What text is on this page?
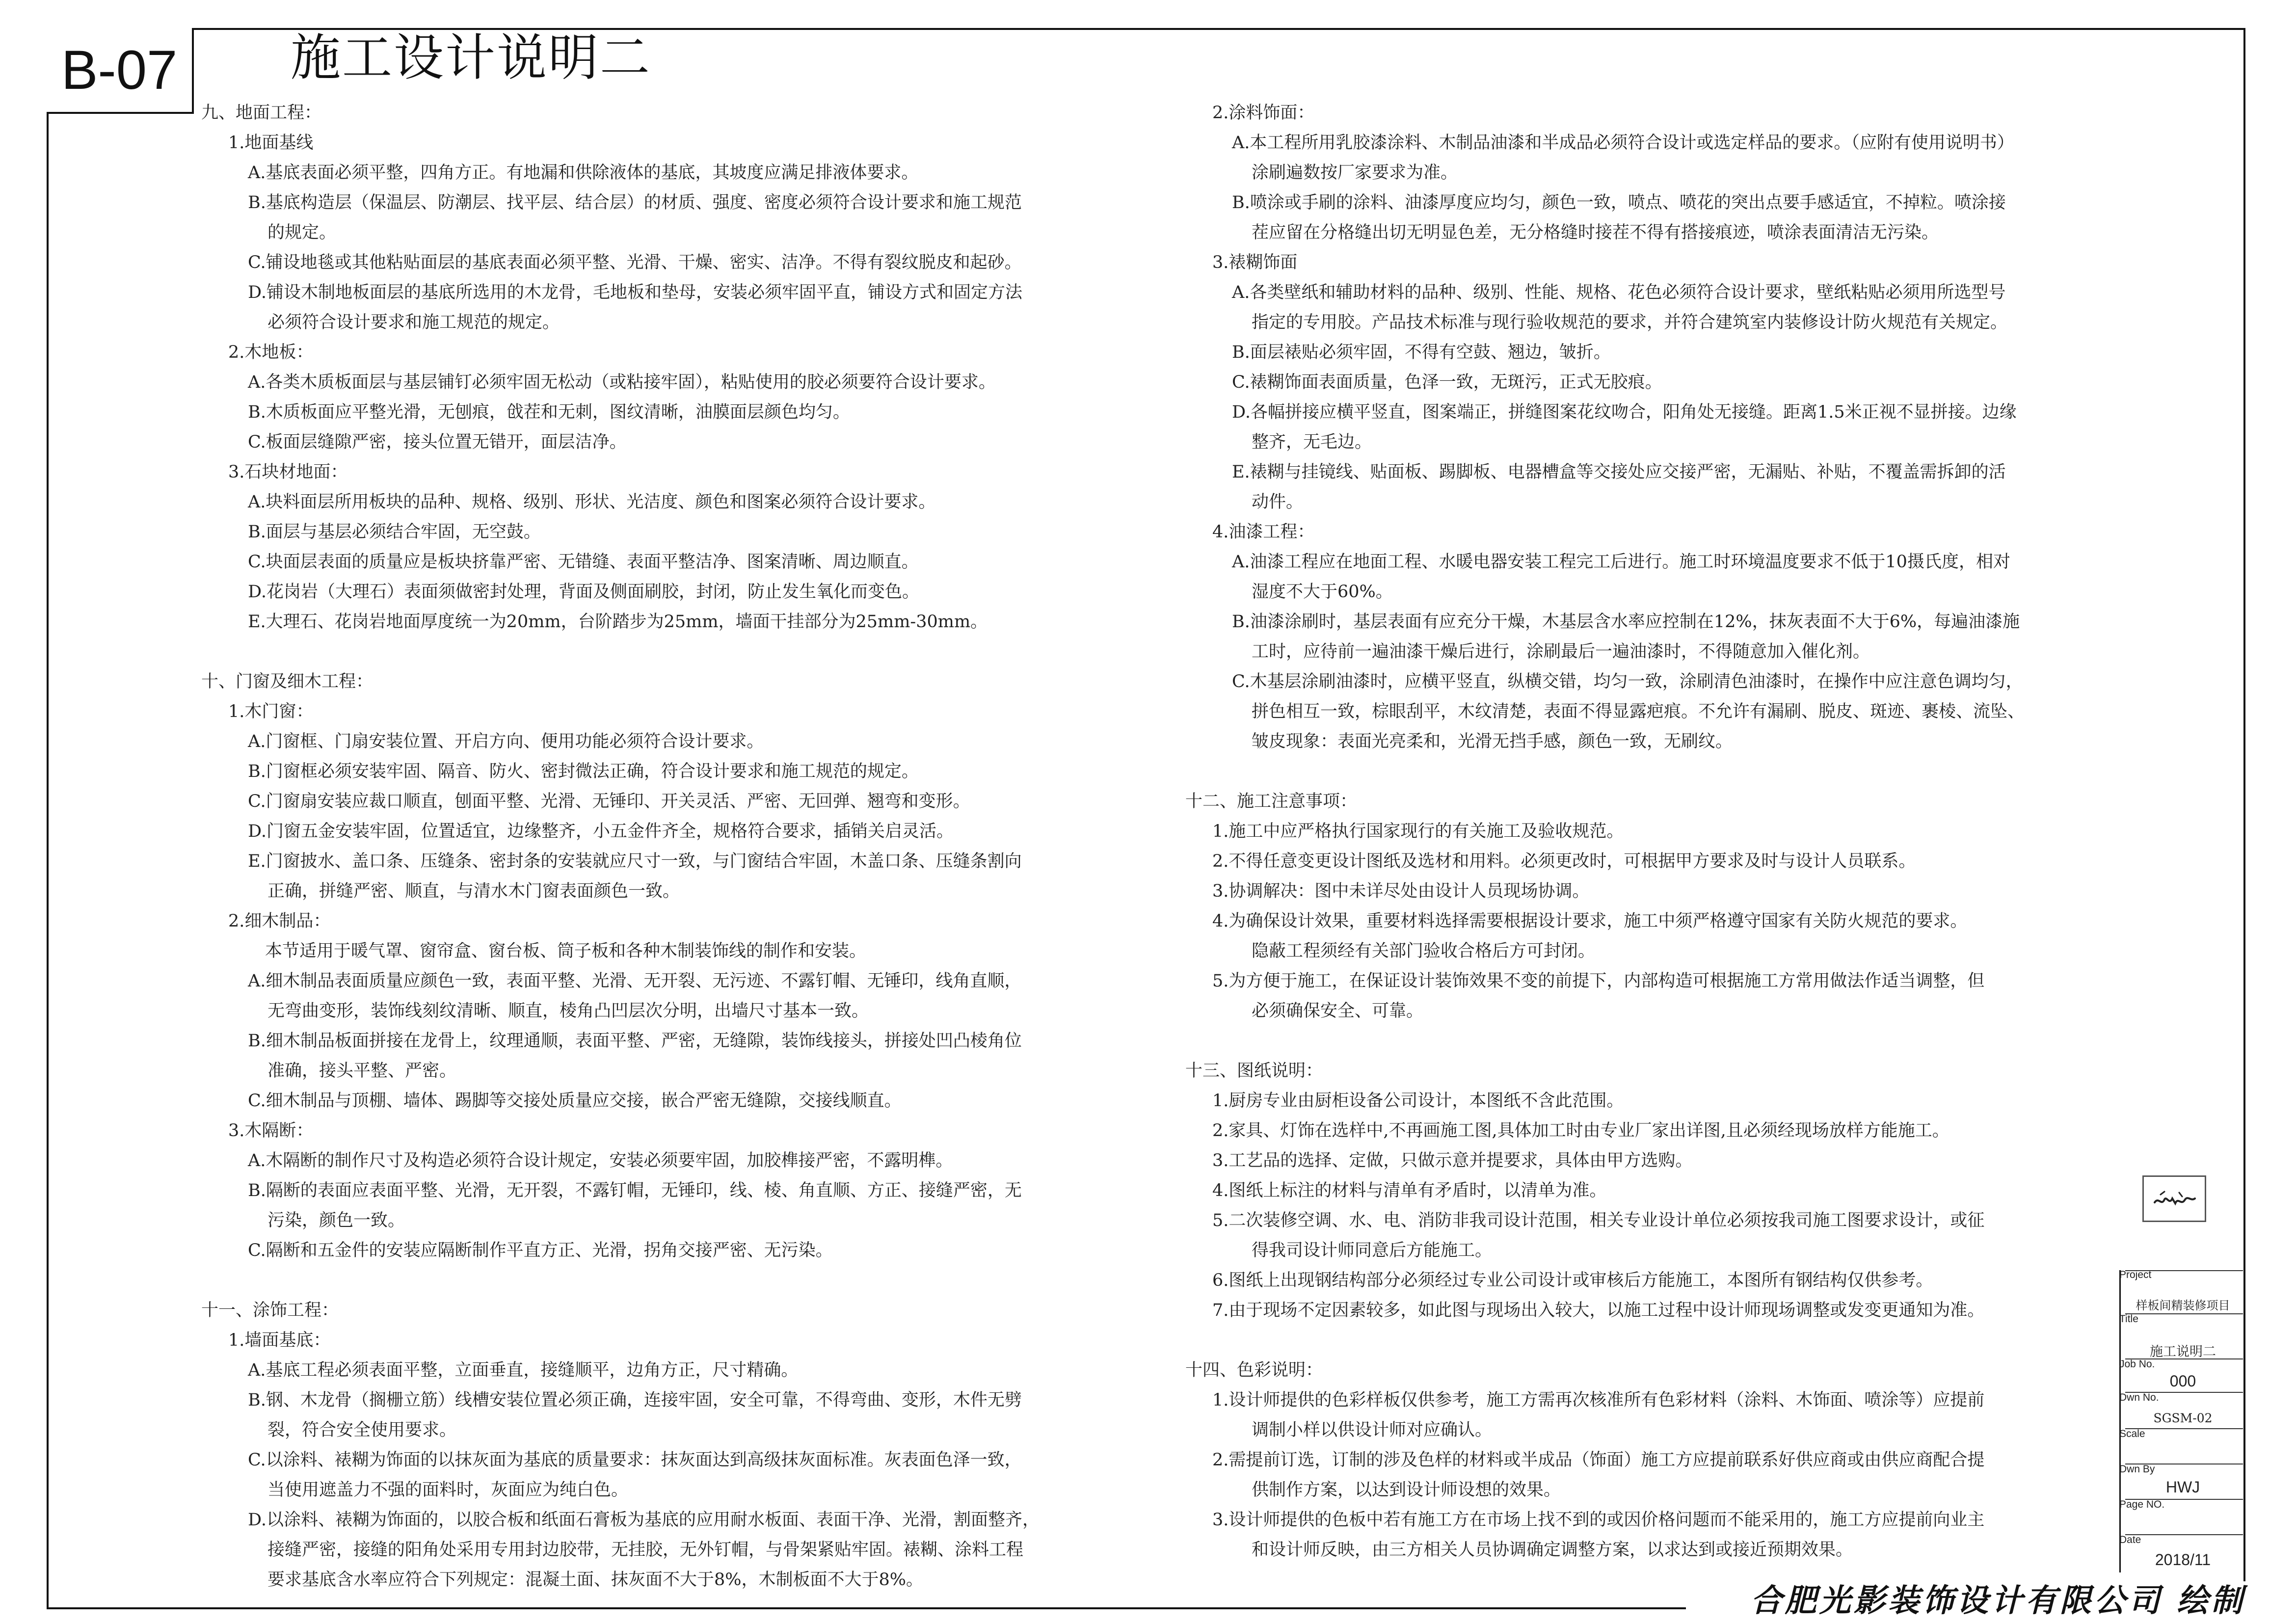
B-07	施工设计说明二
九、地面工程：
1.地面基线
A.基底表面必须平整，四角方正。有地漏和供除液体的基底，其坡度应满足排液体要求。
B.基底构造层（保温层、防潮层、找平层、结合层）的材质、强度、密度必须符合设计要求和施工规范
的规定。
C.铺设地毯或其他粘贴面层的基底表面必须平整、光滑、干燥、密实、洁净。不得有裂纹脱皮和起砂。
D.铺设木制地板面层的基底所选用的木龙骨，毛地板和垫母，安装必须牢固平直，铺设方式和固定方法
必须符合设计要求和施工规范的规定。
2.木地板：
A.各类木质板面层与基层铺钉必须牢固无松动（或粘接牢固），粘贴使用的胶必须要符合设计要求。
B.木质板面应平整光滑，无刨痕，戗茬和无刺，图纹清晰，油膜面层颜色均匀。
C.板面层缝隙严密，接头位置无错开，面层洁净。
3.石块材地面：
A.块料面层所用板块的品种、规格、级别、形状、光洁度、颜色和图案必须符合设计要求。
B.面层与基层必须结合牢固，无空鼓。
C.块面层表面的质量应是板块挤靠严密、无错缝、表面平整洁净、图案清晰、周边顺直。
D.花岗岩（大理石）表面须做密封处理，背面及侧面刷胶，封闭，防止发生氧化而变色。
E.大理石、花岗岩地面厚度统一为20mm，台阶踏步为25mm，墙面干挂部分为25mm-30mm。
十、门窗及细木工程：
1.木门窗：
A.门窗框、门扇安装位置、开启方向、便用功能必须符合设计要求。
B.门窗框必须安装牢固、隔音、防火、密封微法正确，符合设计要求和施工规范的规定。
C.门窗扇安装应裁口顺直，刨面平整、光滑、无锤印、开关灵活、严密、无回弹、翘弯和变形。
D.门窗五金安装牢固，位置适宜，边缘整齐，小五金件齐全，规格符合要求，插销关启灵活。
E.门窗披水、盖口条、压缝条、密封条的安装就应尺寸一致，与门窗结合牢固，木盖口条、压缝条割向
正确，拼缝严密、顺直，与清水木门窗表面颜色一致。
2.细木制品：
本节适用于暖气罩、窗帘盒、窗台板、筒子板和各种木制装饰线的制作和安装。
A.细木制品表面质量应颜色一致，表面平整、光滑、无开裂、无污迹、不露钉帽、无锤印，线角直顺，
无弯曲变形，装饰线刻纹清晰、顺直，棱角凸凹层次分明，出墙尺寸基本一致。
B.细木制品板面拼接在龙骨上，纹理通顺，表面平整、严密，无缝隙，装饰线接头，拼接处凹凸棱角位
准确，接头平整、严密。
C.细木制品与顶棚、墙体、踢脚等交接处质量应交接，嵌合严密无缝隙，交接线顺直。
3.木隔断：
A.木隔断的制作尺寸及构造必须符合设计规定，安装必须要牢固，加胶榫接严密，不露明榫。
B.隔断的表面应表面平整、光滑，无开裂，不露钉帽，无锤印，线、棱、角直顺、方正、接缝严密，无
污染，颜色一致。
C.隔断和五金件的安装应隔断制作平直方正、光滑，拐角交接严密、无污染。
十一、涂饰工程：
1.墙面基底：
A.基底工程必须表面平整，立面垂直，接缝顺平，边角方正，尺寸精确。
B.钢、木龙骨（搁栅立筋）线槽安装位置必须正确，连接牢固，安全可靠，不得弯曲、变形，木件无劈
裂，符合安全使用要求。
C.以涂料、裱糊为饰面的以抹灰面为基底的质量要求：抹灰面达到高级抹灰面标准。灰表面色泽一致，
当使用遮盖力不强的面料时，灰面应为纯白色。
D.以涂料、裱糊为饰面的，以胶合板和纸面石膏板为基底的应用耐水板面、表面干净、光滑，割面整齐，
接缝严密，接缝的阳角处采用专用封边胶带，无挂胶，无外钉帽，与骨架紧贴牢固。裱糊、涂料工程
要求基底含水率应符合下列规定：混凝土面、抹灰面不大于8%，木制板面不大于8%。
2.涂料饰面：
A.本工程所用乳胶漆涂料、木制品油漆和半成品必须符合设计或选定样品的要求。（应附有使用说明书）
涂刷遍数按厂家要求为准。
B.喷涂或手刷的涂料、油漆厚度应均匀，颜色一致，喷点、喷花的突出点要手感适宜，不掉粒。喷涂接
茬应留在分格缝出切无明显色差，无分格缝时接茬不得有搭接痕迹，喷涂表面清洁无污染。
3.裱糊饰面
A.各类壁纸和辅助材料的品种、级别、性能、规格、花色必须符合设计要求，壁纸粘贴必须用所选型号
指定的专用胶。产品技术标准与现行验收规范的要求，并符合建筑室内装修设计防火规范有关规定。
B.面层裱贴必须牢固，不得有空鼓、翘边，皱折。
C.裱糊饰面表面质量，色泽一致，无斑污，正式无胶痕。
D.各幅拼接应横平竖直，图案端正，拼缝图案花纹吻合，阳角处无接缝。距离1.5米正视不显拼接。边缘
整齐，无毛边。
E.裱糊与挂镜线、贴面板、踢脚板、电器槽盒等交接处应交接严密，无漏贴、补贴，不覆盖需拆卸的活
动件。
4.油漆工程：
A.油漆工程应在地面工程、水暖电器安装工程完工后进行。施工时环境温度要求不低于10摄氏度，相对
湿度不大于60%。
B.油漆涂刷时，基层表面有应充分干燥，木基层含水率应控制在12%，抹灰表面不大于6%，每遍油漆施
工时，应待前一遍油漆干燥后进行，涂刷最后一遍油漆时，不得随意加入催化剂。
C.木基层涂刷油漆时，应横平竖直，纵横交错，均匀一致，涂刷清色油漆时，在操作中应注意色调均匀，
拼色相互一致，棕眼刮平，木纹清楚，表面不得显露疤痕。不允许有漏刷、脱皮、斑迹、裹棱、流坠、
皱皮现象：表面光亮柔和，光滑无挡手感，颜色一致，无刷纹。
十二、施工注意事项：
1.施工中应严格执行国家现行的有关施工及验收规范。
2.不得任意变更设计图纸及选材和用料。必须更改时，可根据甲方要求及时与设计人员联系。
3.协调解决：图中未详尽处由设计人员现场协调。
4.为确保设计效果，重要材料选择需要根据设计要求，施工中须严格遵守国家有关防火规范的要求。
隐蔽工程须经有关部门验收合格后方可封闭。
5.为方便于施工，在保证设计装饰效果不变的前提下，内部构造可根据施工方常用做法作适当调整，但
必须确保安全、可靠。
十三、图纸说明：
1.厨房专业由厨柜设备公司设计，本图纸不含此范围。
2.家具、灯饰在选样中,不再画施工图,具体加工时由专业厂家出详图,且必须经现场放样方能施工。
3.工艺品的选择、定做，只做示意并提要求，具体由甲方选购。
4.图纸上标注的材料与清单有矛盾时，以清单为准。
5.二次装修空调、水、电、消防非我司设计范围，相关专业设计单位必须按我司施工图要求设计，或征
得我司设计师同意后方能施工。
6.图纸上出现钢结构部分必须经过专业公司设计或审核后方能施工，本图所有钢结构仅供参考。
7.由于现场不定因素较多，如此图与现场出入较大，以施工过程中设计师现场调整或发变更通知为准。
十四、色彩说明：
1.设计师提供的色彩样板仅供参考，施工方需再次核准所有色彩材料（涂料、木饰面、喷涂等）应提前
调制小样以供设计师对应确认。
2.需提前订选，订制的涉及色样的材料或半成品（饰面）施工方应提前联系好供应商或由供应商配合提
供制作方案，以达到设计师设想的效果。
3.设计师提供的色板中若有施工方在市场上找不到的或因价格问题而不能采用的，施工方应提前向业主
和设计师反映，由三方相关人员协调确定调整方案，以求达到或接近预期效果。
Project
样板间精装修项目
Title
施工说明二
Job No.
000
Dwn No.
SGSM-02
Scale
Dwn By
HWJ
Page NO.
Date
2018/11
合肥光影装饰设计有限公司 绘制
